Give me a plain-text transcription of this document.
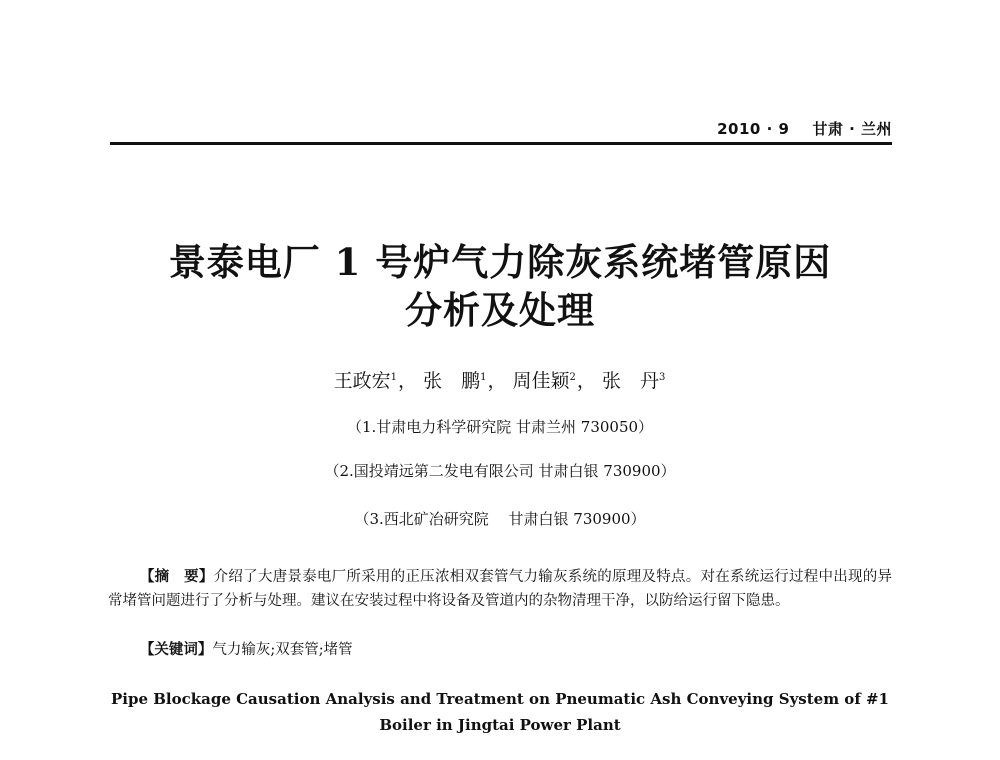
2010 · 9 甘肃 · 兰州
景泰电厂 1 号炉气力除灰系统堵管原因
分析及处理
王政宏$^1$， 张　鹏$^1$， 周佳颖$^2$， 张　丹$^3$
（1.甘肃电力科学研究院 甘肃兰州 730050）
（2.国投靖远第二发电有限公司 甘肃白银 730900）
（3.西北矿冶研究院　 甘肃白银 730900）
【摘　要】介绍了大唐景泰电厂所采用的正压浓相双套管气力输灰系统的原理及特点。对在系统运行过程中出现的异常堵管问题进行了分析与处理。建议在安装过程中将设备及管道内的杂物清理干净，以防给运行留下隐患。
【关键词】气力输灰;双套管;堵管
Pipe Blockage Causation Analysis and Treatment on Pneumatic Ash Conveying System of #1 Boiler in Jingtai Power Plant
